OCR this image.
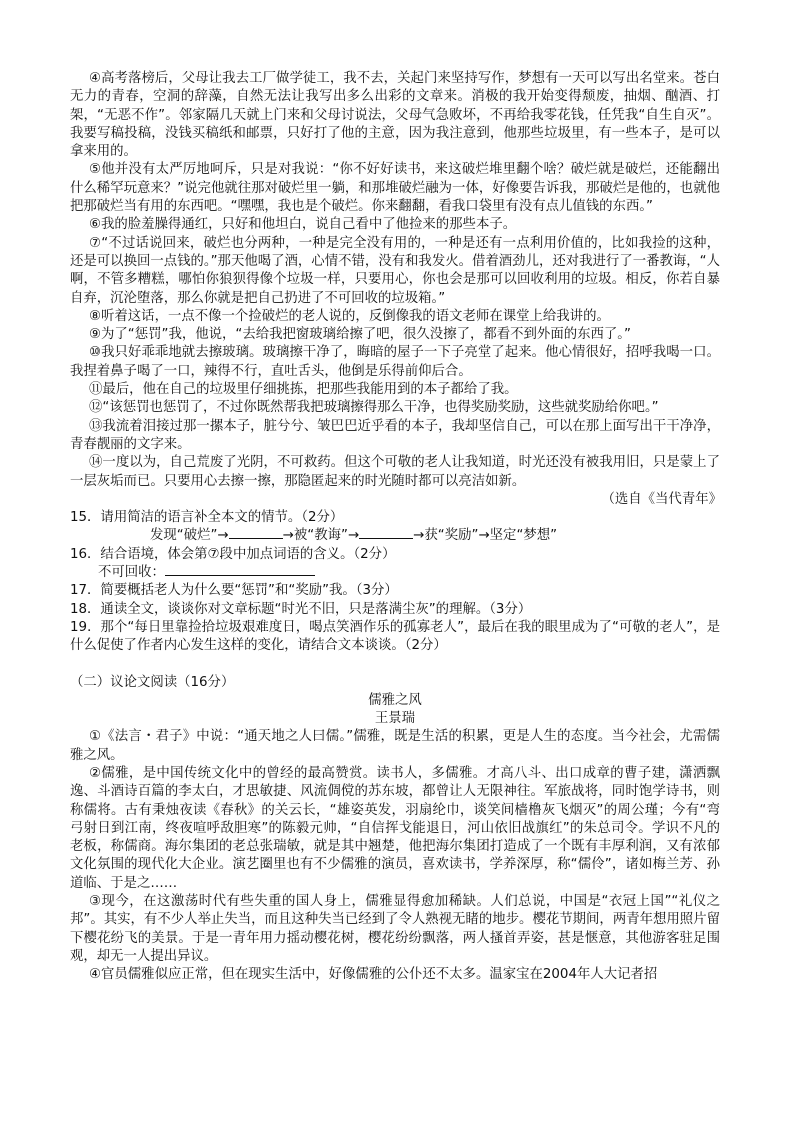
④高考落榜后，父母让我去工厂做学徒工，我不去，关起门来坚持写作，梦想有一天可以写出名堂来。苍白无力的青春，空洞的辞藻，自然无法让我写出多么出彩的文章来。消极的我开始变得颓废，抽烟、酗酒、打架，“无恶不作”。邻家隔几天就上门来和父母讨说法，父母气急败坏，不再给我零花钱，任凭我“自生自灭”。我要写稿投稿，没钱买稿纸和邮票，只好打了他的主意，因为我注意到，他那些垃圾里，有一些本子，是可以拿来用的。

⑤他并没有太严厉地呵斥，只是对我说：“你不好好读书，来这破烂堆里翻个啥？破烂就是破烂，还能翻出什么稀罕玩意来？”说完他就往那对破烂里一躺，和那堆破烂融为一体，好像要告诉我，那破烂是他的，也就他把那破烂当有用的东西吧。“嘿嘿，我也是个破烂。你来翻翻，看我口袋里有没有点儿值钱的东西。”

⑥我的脸羞臊得通红，只好和他坦白，说自己看中了他捡来的那些本子。

⑦“不过话说回来，破烂也分两种，一种是完全没有用的，一种是还有一点利用价值的，比如我捡的这种，还是可以换回一点钱的。”那天他喝了酒，心情不错，没有和我发火。借着酒劲儿，还对我进行了一番教诲，“人啊，不管多糟糕，哪怕你狼狈得像个垃圾一样，只要用心，你也会是那可以回收利用的垃圾。相反，你若自暴自弃，沉沦堕落，那么你就是把自己扔进了不可回收的垃圾箱。”

⑧听着这话，一点不像一个捡破烂的老人说的，反倒像我的语文老师在课堂上给我讲的。

⑨为了“惩罚”我，他说，“去给我把窗玻璃给擦了吧，很久没擦了，都看不到外面的东西了。”

⑩我只好乖乖地就去擦玻璃。玻璃擦干净了，晦暗的屋子一下子亮堂了起来。他心情很好，招呼我喝一口。我捏着鼻子喝了一口，辣得不行，直吐舌头，他倒是乐得前仰后合。

⑪最后，他在自己的垃圾里仔细挑拣，把那些我能用到的本子都给了我。

⑫“该惩罚也惩罚了，不过你既然帮我把玻璃擦得那么干净，也得奖励奖励，这些就奖励给你吧。”

⑬我流着泪接过那一摞本子，脏兮兮、皱巴巴近乎看的本子，我却坚信自己，可以在那上面写出干干净净，青春靓丽的文字来。

⑭一度以为，自己荒废了光阴，不可救药。但这个可敬的老人让我知道，时光还没有被我用旧，只是蒙上了一层灰垢而已。只要用心去擦一擦，那隐匿起来的时光随时都可以亮洁如新。

（选自《当代青年》

15．请用简洁的语言补全本文的情节。（2分）

发现“破烂”→	→被“教诲”→	→获“奖励”→坚定“梦想”

16．结合语境，体会第⑦段中加点词语的含义。（2分）

不可回收：

17．简要概括老人为什么要“惩罚”和“奖励”我。（3分）

18．通读全文，谈谈你对文章标题“时光不旧，只是落满尘灰”的理解。（3分）

19．那个“每日里靠捡拾垃圾艰难度日，喝点笑酒作乐的孤寡老人”，最后在我的眼里成为了“可敬的老人”，是什么促使了作者内心发生这样的变化，请结合文本谈谈。（2分）

（二）议论文阅读（16分）

儒雅之风

王景瑞

①《法言・君子》中说：“通天地之人曰儒。”儒雅，既是生活的积累，更是人生的态度。当今社会，尤需儒雅之风。

②儒雅，是中国传统文化中的曾经的最高赞赏。读书人，多儒雅。才高八斗、出口成章的曹子建，潇洒飘逸、斗酒诗百篇的李太白，才思敏捷、风流倜傥的苏东坡，都曾让人无限神往。军旅战将，同时饱学诗书，则称儒将。古有秉烛夜读《春秋》的关云长，“雄姿英发，羽扇纶巾，谈笑间樯橹灰飞烟灭”的周公瑾；今有“弯弓射日到江南，终夜喧呼敌胆寒”的陈毅元帅，“自信挥戈能退日，河山依旧战旗红”的朱总司令。学识不凡的老板，称儒商。海尔集团的老总张瑞敏，就是其中翘楚，他把海尔集团打造成了一个既有丰厚利润，又有浓郁文化氛围的现代化大企业。演艺圈里也有不少儒雅的演员，喜欢读书，学养深厚，称“儒伶”，诸如梅兰芳、孙道临、于是之……

③现今，在这激荡时代有些失重的国人身上，儒雅显得愈加稀缺。人们总说，中国是“衣冠上国”“礼仪之邦”。其实，有不少人举止失当，而且这种失当已经到了令人熟视无睹的地步。樱花节期间，两青年想用照片留下樱花纷飞的美景。于是一青年用力摇动樱花树，樱花纷纷飘落，两人搔首弄姿，甚是惬意，其他游客驻足围观，却无一人提出异议。

④官员儒雅似应正常，但在现实生活中，好像儒雅的公仆还不太多。温家宝在2004年人大记者招
